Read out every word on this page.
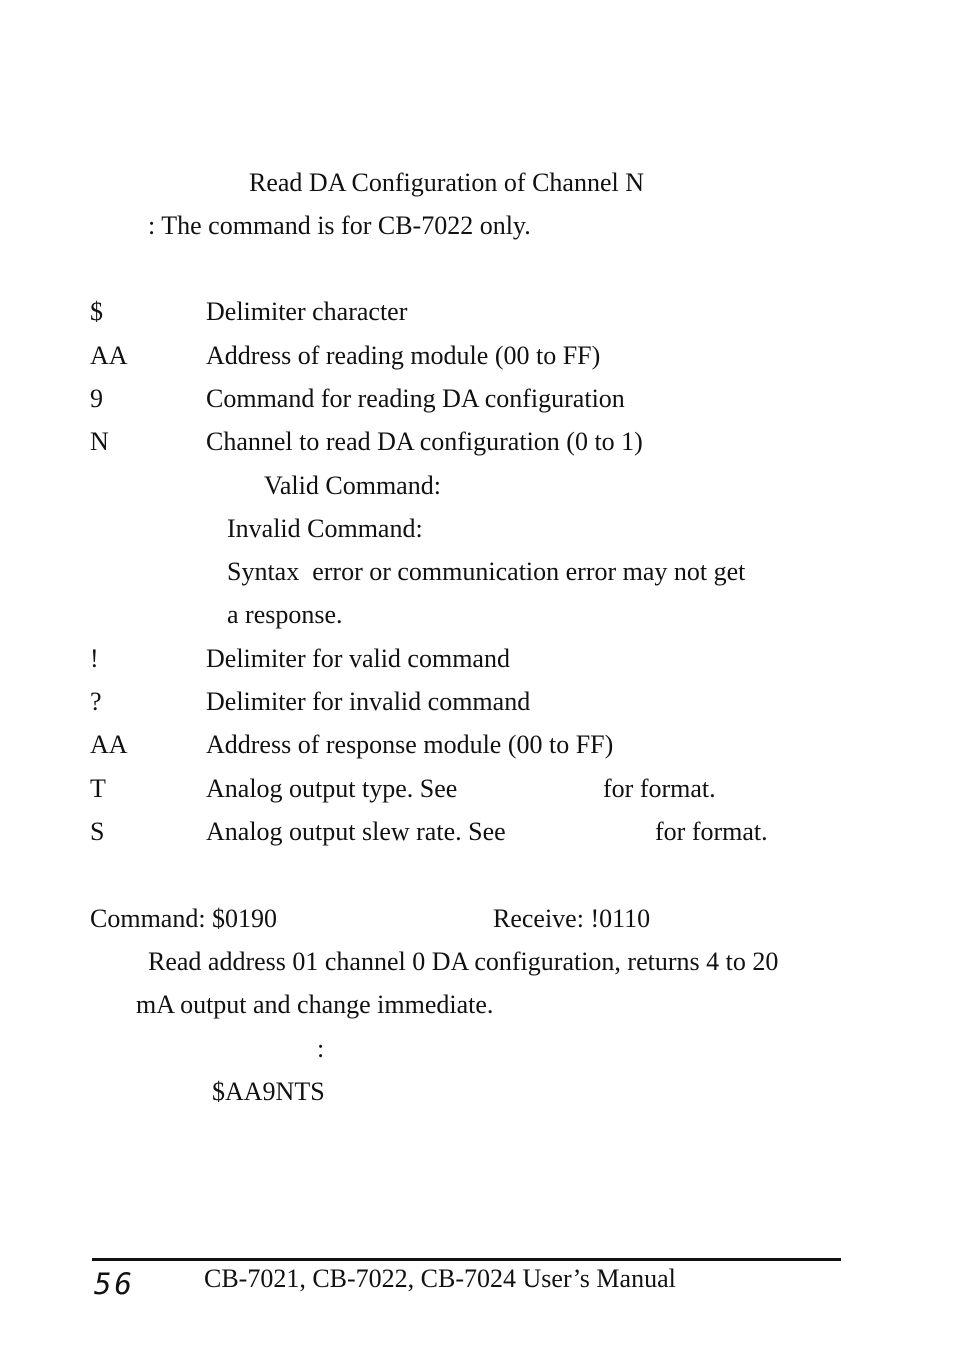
Read DA Configuration of Channel N
: The command is for CB-7022 only.
$	Delimiter character
AA	Address of reading module (00 to FF)
9	Command for reading DA configuration
N	Channel to read DA configuration (0 to 1)
Valid Command:
Invalid Command:
Syntax  error or communication error may not get
a response.
!	Delimiter for valid command
?	Delimiter for invalid command
AA	Address of response module (00 to FF)
T	Analog output type. See	for format.
S	Analog output slew rate. See	for format.
Command: $0190	Receive: !0110
Read address 01 channel 0 DA configuration, returns 4 to 20
mA output and change immediate.
:
$AA9NTS
56	CB-7021, CB-7022, CB-7024 User’s Manual
